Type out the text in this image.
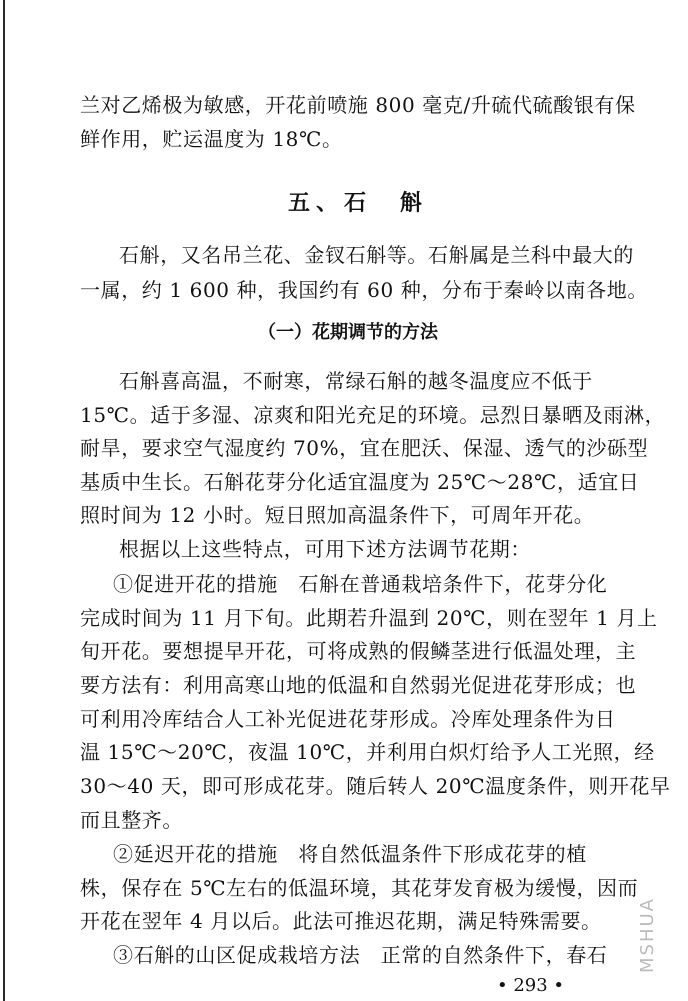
兰对乙烯极为敏感，开花前喷施 800 毫克/升硫代硫酸银有保
鲜作用，贮运温度为 18℃。
五、石　斛
石斛，又名吊兰花、金钗石斛等。石斛属是兰科中最大的
一属，约 1 600 种，我国约有 60 种，分布于秦岭以南各地。
（一）花期调节的方法
石斛喜高温，不耐寒，常绿石斛的越冬温度应不低于
15℃。适于多湿、凉爽和阳光充足的环境。忌烈日暴晒及雨淋，
耐旱，要求空气湿度约 70%，宜在肥沃、保湿、透气的沙砾型
基质中生长。石斛花芽分化适宜温度为 25℃～28℃，适宜日
照时间为 12 小时。短日照加高温条件下，可周年开花。
根据以上这些特点，可用下述方法调节花期：
①促进开花的措施　石斛在普通栽培条件下，花芽分化
完成时间为 11 月下旬。此期若升温到 20℃，则在翌年 1 月上
旬开花。要想提早开花，可将成熟的假鳞茎进行低温处理，主
要方法有：利用高寒山地的低温和自然弱光促进花芽形成；也
可利用冷库结合人工补光促进花芽形成。冷库处理条件为日
温 15℃～20℃，夜温 10℃，并利用白炽灯给予人工光照，经
30～40 天，即可形成花芽。随后转人 20℃温度条件，则开花早
而且整齐。
②延迟开花的措施　将自然低温条件下形成花芽的植
株，保存在 5℃左右的低温环境，其花芽发育极为缓慢，因而
开花在翌年 4 月以后。此法可推迟花期，满足特殊需要。
③石斛的山区促成栽培方法　正常的自然条件下，春石
• 293 •
MSHUA
